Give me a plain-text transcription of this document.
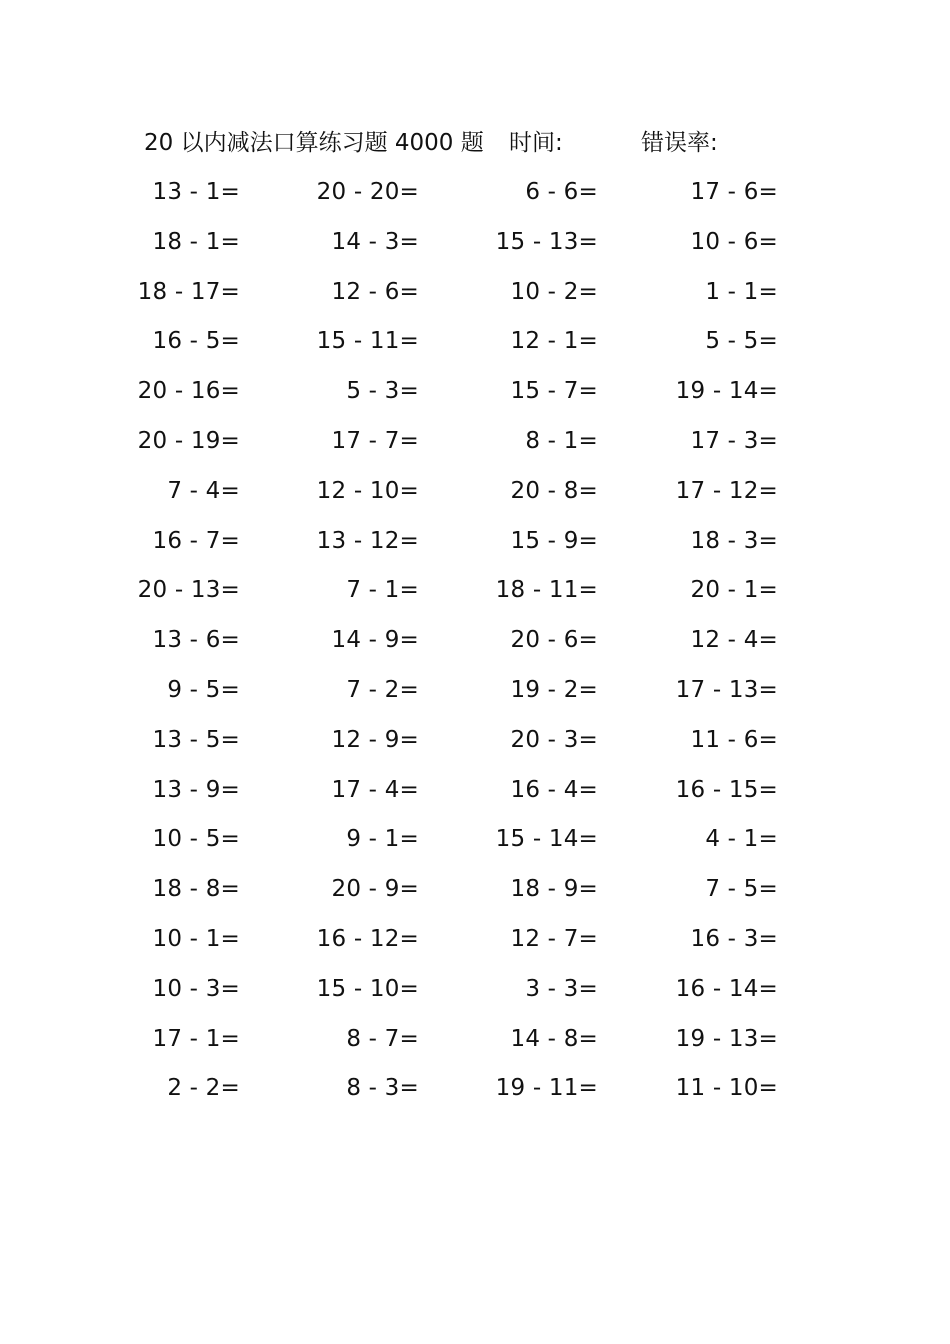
20 以内减法口算练习题 4000 题 时间:	错误率:
13 - 1=	20 - 20=	6 - 6=	17 - 6=
18 - 1=	14 - 3=	15 - 13=	10 - 6=
18 - 17=	12 - 6=	10 - 2=	1 - 1=
16 - 5=	15 - 11=	12 - 1=	5 - 5=
20 - 16=	5 - 3=	15 - 7=	19 - 14=
20 - 19=	17 - 7=	8 - 1=	17 - 3=
7 - 4=	12 - 10=	20 - 8=	17 - 12=
16 - 7=	13 - 12=	15 - 9=	18 - 3=
20 - 13=	7 - 1=	18 - 11=	20 - 1=
13 - 6=	14 - 9=	20 - 6=	12 - 4=
9 - 5=	7 - 2=	19 - 2=	17 - 13=
13 - 5=	12 - 9=	20 - 3=	11 - 6=
13 - 9=	17 - 4=	16 - 4=	16 - 15=
10 - 5=	9 - 1=	15 - 14=	4 - 1=
18 - 8=	20 - 9=	18 - 9=	7 - 5=
10 - 1=	16 - 12=	12 - 7=	16 - 3=
10 - 3=	15 - 10=	3 - 3=	16 - 14=
17 - 1=	8 - 7=	14 - 8=	19 - 13=
2 - 2=	8 - 3=	19 - 11=	11 - 10=
